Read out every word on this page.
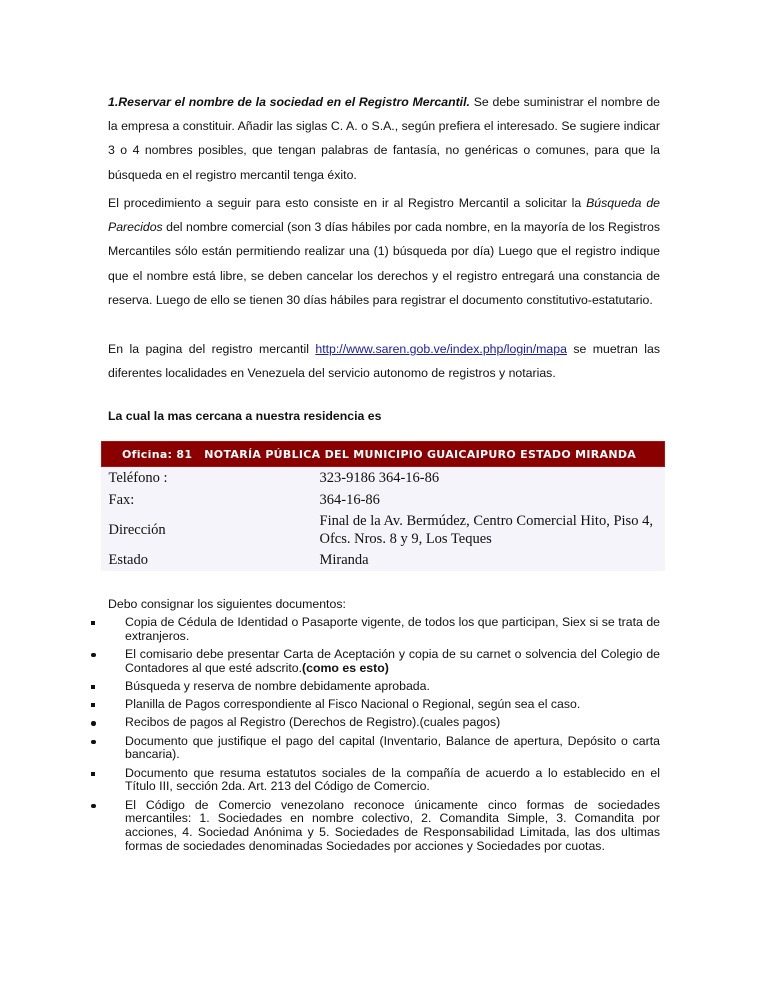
1.Reservar el nombre de la sociedad en el Registro Mercantil. Se debe suministrar el nombre de la empresa a constituir. Añadir las siglas C. A. o S.A., según prefiera el interesado. Se sugiere indicar 3 o 4 nombres posibles, que tengan palabras de fantasía, no genéricas o comunes, para que la búsqueda en el registro mercantil tenga éxito.

El procedimiento a seguir para esto consiste en ir al Registro Mercantil a solicitar la Búsqueda de Parecidos del nombre comercial (son 3 días hábiles por cada nombre, en la mayoría de los Registros Mercantiles sólo están permitiendo realizar una (1) búsqueda por día) Luego que el registro indique que el nombre está libre, se deben cancelar los derechos y el registro entregará una constancia de reserva. Luego de ello se tienen 30 días hábiles para registrar el documento constitutivo-estatutario.

En la pagina del registro mercantil http://www.saren.gob.ve/index.php/login/mapa se muetran las diferentes localidades en Venezuela del servicio autonomo de registros y notarias.

La cual la mas cercana a nuestra residencia es

Oficina: 81 NOTARÍA PÚBLICA DEL MUNICIPIO GUAICAIPURO ESTADO MIRANDA	
Teléfono :	323-9186 364-16-86
Fax:	364-16-86
Dirección	Final de la Av. Bermúdez, Centro Comercial Hito, Piso 4, Ofcs. Nros. 8 y 9, Los Teques
Estado	Miranda

Debo consignar los siguientes documentos:

Copia de Cédula de Identidad o Pasaporte vigente, de todos los que participan, Siex si se trata de extranjeros.
El comisario debe presentar Carta de Aceptación y copia de su carnet o solvencia del Colegio de Contadores al que esté adscrito.(como es esto)
Búsqueda y reserva de nombre debidamente aprobada.
Planilla de Pagos correspondiente al Fisco Nacional o Regional, según sea el caso.
Recibos de pagos al Registro (Derechos de Registro).(cuales pagos)
Documento que justifique el pago del capital (Inventario, Balance de apertura, Depósito o carta bancaria).
Documento que resuma estatutos sociales de la compañía de acuerdo a lo establecido en el Título III, sección 2da. Art. 213 del Código de Comercio.
El Código de Comercio venezolano reconoce únicamente cinco formas de sociedades mercantiles: 1. Sociedades en nombre colectivo, 2. Comandita Simple, 3. Comandita por acciones, 4. Sociedad Anónima y 5. Sociedades de Responsabilidad Limitada, las dos ultimas formas de sociedades denominadas Sociedades por acciones y Sociedades por cuotas.
